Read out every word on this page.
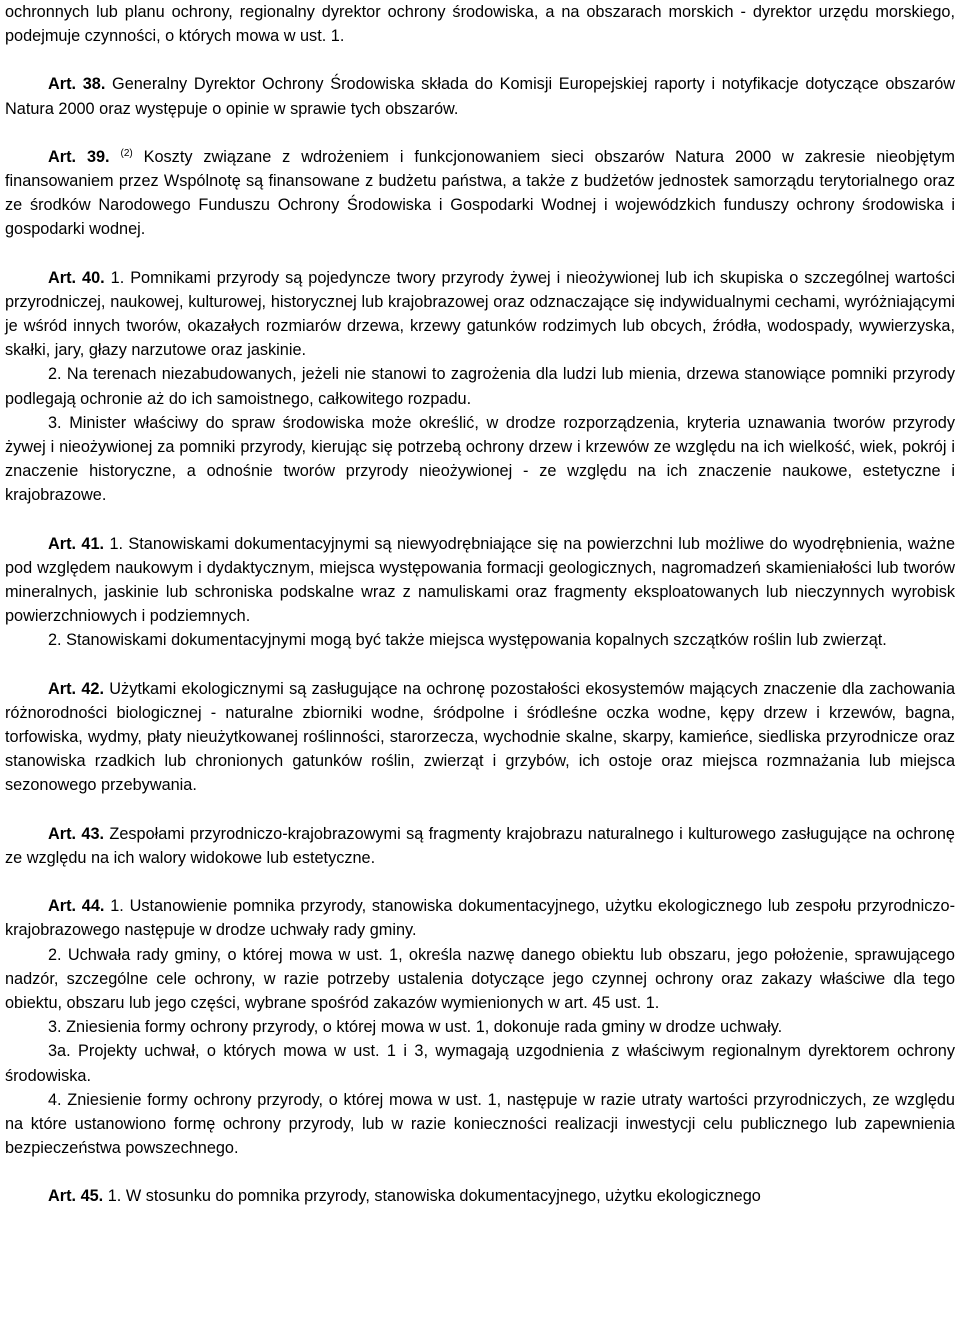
ochronnych lub planu ochrony, regionalny dyrektor ochrony środowiska, a na obszarach morskich - dyrektor urzędu morskiego, podejmuje czynności, o których mowa w ust. 1.

Art. 38. Generalny Dyrektor Ochrony Środowiska składa do Komisji Europejskiej raporty i notyfikacje dotyczące obszarów Natura 2000 oraz występuje o opinie w sprawie tych obszarów.

Art. 39. $^{(2)}$ Koszty związane z wdrożeniem i funkcjonowaniem sieci obszarów Natura 2000 w zakresie nieobjętym finansowaniem przez Wspólnotę są finansowane z budżetu państwa, a także z budżetów jednostek samorządu terytorialnego oraz ze środków Narodowego Funduszu Ochrony Środowiska i Gospodarki Wodnej i wojewódzkich funduszy ochrony środowiska i gospodarki wodnej.

Art. 40. 1. Pomnikami przyrody są pojedyncze twory przyrody żywej i nieożywionej lub ich skupiska o szczególnej wartości przyrodniczej, naukowej, kulturowej, historycznej lub krajobrazowej oraz odznaczające się indywidualnymi cechami, wyróżniającymi je wśród innych tworów, okazałych rozmiarów drzewa, krzewy gatunków rodzimych lub obcych, źródła, wodospady, wywierzyska, skałki, jary, głazy narzutowe oraz jaskinie.

2. Na terenach niezabudowanych, jeżeli nie stanowi to zagrożenia dla ludzi lub mienia, drzewa stanowiące pomniki przyrody podlegają ochronie aż do ich samoistnego, całkowitego rozpadu.

3. Minister właściwy do spraw środowiska może określić, w drodze rozporządzenia, kryteria uznawania tworów przyrody żywej i nieożywionej za pomniki przyrody, kierując się potrzebą ochrony drzew i krzewów ze względu na ich wielkość, wiek, pokrój i znaczenie historyczne, a odnośnie tworów przyrody nieożywionej - ze względu na ich znaczenie naukowe, estetyczne i krajobrazowe.

Art. 41. 1. Stanowiskami dokumentacyjnymi są niewyodrębniające się na powierzchni lub możliwe do wyodrębnienia, ważne pod względem naukowym i dydaktycznym, miejsca występowania formacji geologicznych, nagromadzeń skamieniałości lub tworów mineralnych, jaskinie lub schroniska podskalne wraz z namuliskami oraz fragmenty eksploatowanych lub nieczynnych wyrobisk powierzchniowych i podziemnych.

2. Stanowiskami dokumentacyjnymi mogą być także miejsca występowania kopalnych szczątków roślin lub zwierząt.

Art. 42. Użytkami ekologicznymi są zasługujące na ochronę pozostałości ekosystemów mających znaczenie dla zachowania różnorodności biologicznej - naturalne zbiorniki wodne, śródpolne i śródleśne oczka wodne, kępy drzew i krzewów, bagna, torfowiska, wydmy, płaty nieużytkowanej roślinności, starorzecza, wychodnie skalne, skarpy, kamieńce, siedliska przyrodnicze oraz stanowiska rzadkich lub chronionych gatunków roślin, zwierząt i grzybów, ich ostoje oraz miejsca rozmnażania lub miejsca sezonowego przebywania.

Art. 43. Zespołami przyrodniczo-krajobrazowymi są fragmenty krajobrazu naturalnego i kulturowego zasługujące na ochronę ze względu na ich walory widokowe lub estetyczne.

Art. 44. 1. Ustanowienie pomnika przyrody, stanowiska dokumentacyjnego, użytku ekologicznego lub zespołu przyrodniczo-krajobrazowego następuje w drodze uchwały rady gminy.

2. Uchwała rady gminy, o której mowa w ust. 1, określa nazwę danego obiektu lub obszaru, jego położenie, sprawującego nadzór, szczególne cele ochrony, w razie potrzeby ustalenia dotyczące jego czynnej ochrony oraz zakazy właściwe dla tego obiektu, obszaru lub jego części, wybrane spośród zakazów wymienionych w art. 45 ust. 1.

3. Zniesienia formy ochrony przyrody, o której mowa w ust. 1, dokonuje rada gminy w drodze uchwały.

3a. Projekty uchwał, o których mowa w ust. 1 i 3, wymagają uzgodnienia z właściwym regionalnym dyrektorem ochrony środowiska.

4. Zniesienie formy ochrony przyrody, o której mowa w ust. 1, następuje w razie utraty wartości przyrodniczych, ze względu na które ustanowiono formę ochrony przyrody, lub w razie konieczności realizacji inwestycji celu publicznego lub zapewnienia bezpieczeństwa powszechnego.

Art. 45. 1. W stosunku do pomnika przyrody, stanowiska dokumentacyjnego, użytku ekologicznego
